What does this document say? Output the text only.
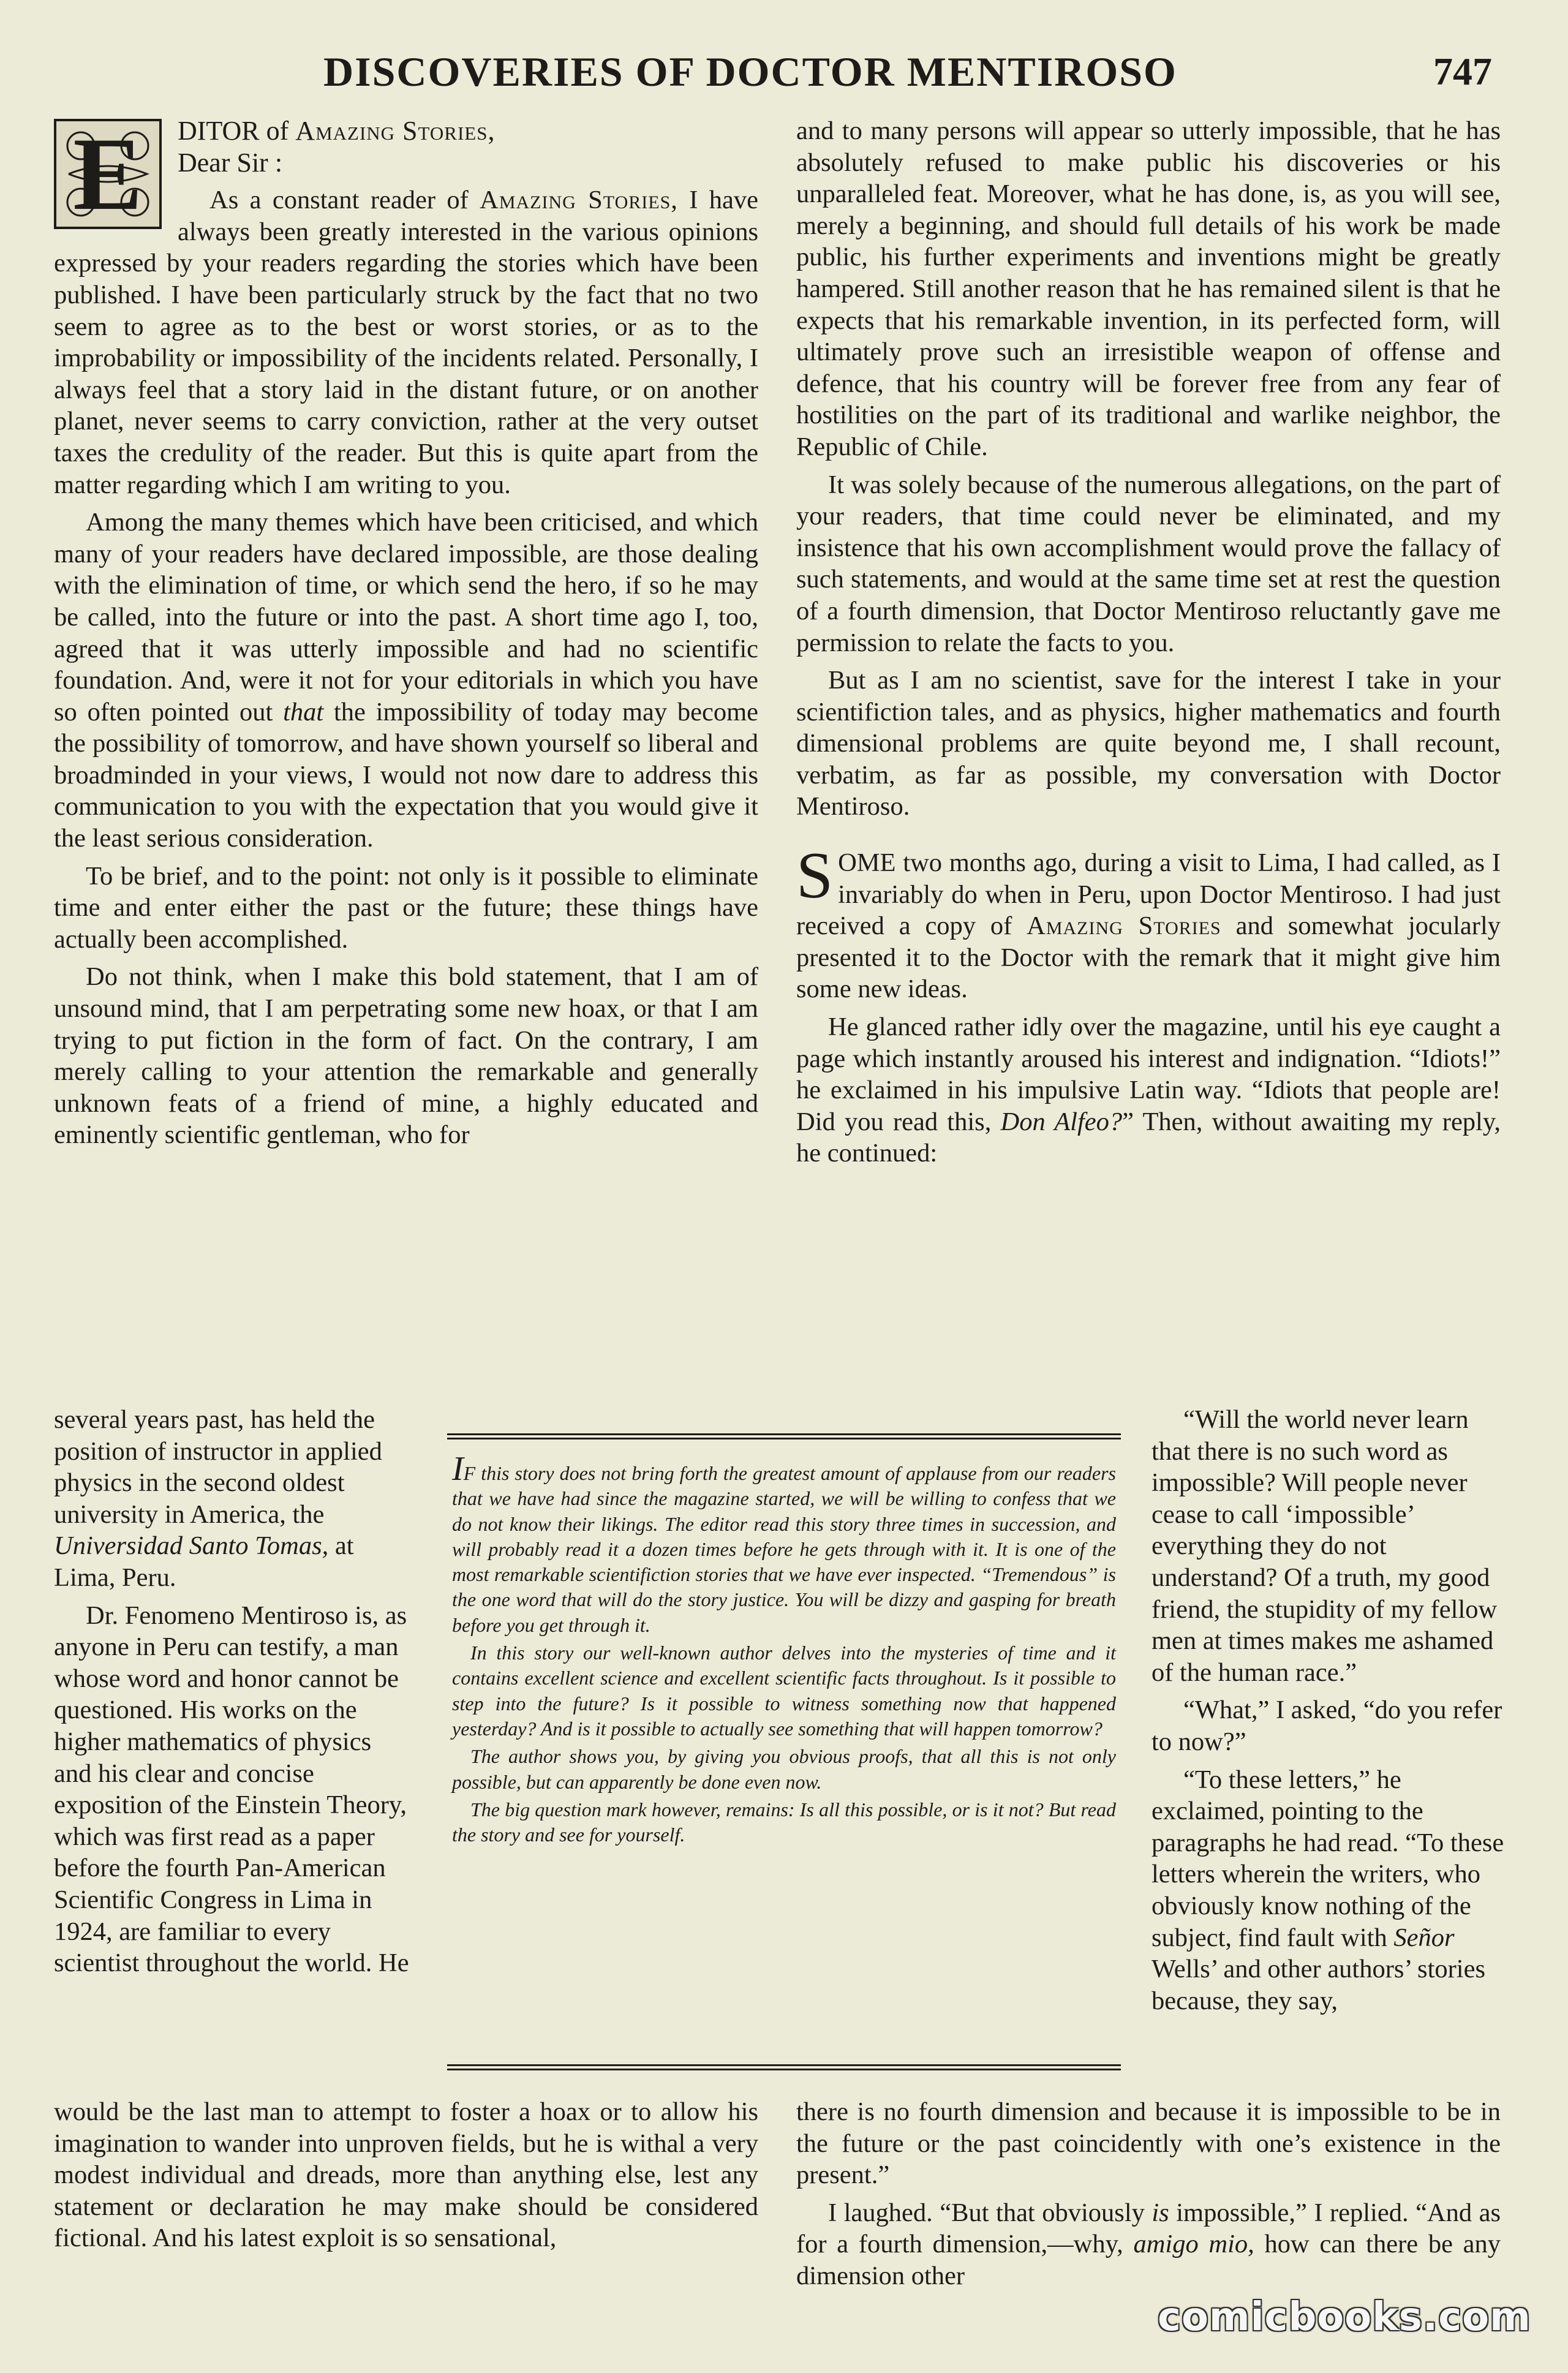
DISCOVERIES OF DOCTOR MENTIROSO	747
E	DITOR of Amazing Stories,
Dear Sir :

As a constant reader of Amazing Stories, I have always been greatly interested in the various opinions expressed by your readers regarding the stories which have been published. I have been particularly struck by the fact that no two seem to agree as to the best or worst stories, or as to the improbability or impossibility of the incidents related. Personally, I always feel that a story laid in the distant future, or on another planet, never seems to carry conviction, rather at the very outset taxes the credulity of the reader. But this is quite apart from the matter regarding which I am writing to you.

Among the many themes which have been criticised, and which many of your readers have declared impossible, are those dealing with the elimination of time, or which send the hero, if so he may be called, into the future or into the past. A short time ago I, too, agreed that it was utterly impossible and had no scientific foundation. And, were it not for your editorials in which you have so often pointed out that the impossibility of today may become the possibility of tomorrow, and have shown yourself so liberal and broadminded in your views, I would not now dare to address this communication to you with the expectation that you would give it the least serious consideration.

To be brief, and to the point: not only is it possible to eliminate time and enter either the past or the future; these things have actually been accomplished.

Do not think, when I make this bold statement, that I am of unsound mind, that I am perpetrating some new hoax, or that I am trying to put fiction in the form of fact. On the contrary, I am merely calling to your attention the remarkable and generally unknown feats of a friend of mine, a highly educated and eminently scientific gentleman, who for

and to many persons will appear so utterly impossible, that he has absolutely refused to make public his discoveries or his unparalleled feat. Moreover, what he has done, is, as you will see, merely a beginning, and should full details of his work be made public, his further experiments and inventions might be greatly hampered. Still another reason that he has remained silent is that he expects that his remarkable invention, in its perfected form, will ultimately prove such an irresistible weapon of offense and defence, that his country will be forever free from any fear of hostilities on the part of its traditional and warlike neighbor, the Republic of Chile.

It was solely because of the numerous allegations, on the part of your readers, that time could never be eliminated, and my insistence that his own accomplishment would prove the fallacy of such statements, and would at the same time set at rest the question of a fourth dimension, that Doctor Mentiroso reluctantly gave me permission to relate the facts to you.

But as I am no scientist, save for the interest I take in your scientifiction tales, and as physics, higher mathematics and fourth dimensional problems are quite beyond me, I shall recount, verbatim, as far as possible, my conversation with Doctor Mentiroso.

S OME two months ago, during a visit to Lima, I had called, as I invariably do when in Peru, upon Doctor Mentiroso. I had just received a copy of Amazing Stories and somewhat jocularly presented it to the Doctor with the remark that it might give him some new ideas.

He glanced rather idly over the magazine, until his eye caught a page which instantly aroused his interest and indignation. “Idiots!” he exclaimed in his impulsive Latin way. “Idiots that people are! Did you read this, Don Alfeo?” Then, without awaiting my reply, he continued:

several years past, has held the position of instructor in applied physics in the second oldest university in America, the Universidad Santo Tomas, at Lima, Peru.

Dr. Fenomeno Mentiroso is, as anyone in Peru can testify, a man whose word and honor cannot be questioned. His works on the higher mathematics of physics and his clear and concise exposition of the Einstein Theory, which was first read as a paper before the fourth Pan-American Scientific Congress in Lima in 1924, are familiar to every scientist throughout the world. He

IF this story does not bring forth the greatest amount of applause from our readers that we have had since the magazine started, we will be willing to confess that we do not know their likings. The editor read this story three times in succession, and will probably read it a dozen times before he gets through with it. It is one of the most remarkable scientifiction stories that we have ever inspected. “Tremendous” is the one word that will do the story justice. You will be dizzy and gasping for breath before you get through it.

In this story our well-known author delves into the mysteries of time and it contains excellent science and excellent scientific facts throughout. Is it possible to step into the future? Is it possible to witness something now that happened yesterday? And is it possible to actually see something that will happen tomorrow?

The author shows you, by giving you obvious proofs, that all this is not only possible, but can apparently be done even now.

The big question mark however, remains: Is all this possible, or is it not? But read the story and see for yourself.

“Will the world never learn that there is no such word as impossible? Will people never cease to call ‘impossible’ everything they do not understand? Of a truth, my good friend, the stupidity of my fellow men at times makes me ashamed of the human race.”

“What,” I asked, “do you refer to now?”

“To these letters,” he exclaimed, pointing to the paragraphs he had read. “To these letters wherein the writers, who obviously know nothing of the subject, find fault with Señor Wells’ and other authors’ stories because, they say,

would be the last man to attempt to foster a hoax or to allow his imagination to wander into unproven fields, but he is withal a very modest individual and dreads, more than anything else, lest any statement or declaration he may make should be considered fictional. And his latest exploit is so sensational,

there is no fourth dimension and because it is impossible to be in the future or the past coincidently with one’s existence in the present.”

I laughed. “But that obviously is impossible,” I replied. “And as for a fourth dimension,—why, amigo mio, how can there be any dimension other

comicbooks.com
